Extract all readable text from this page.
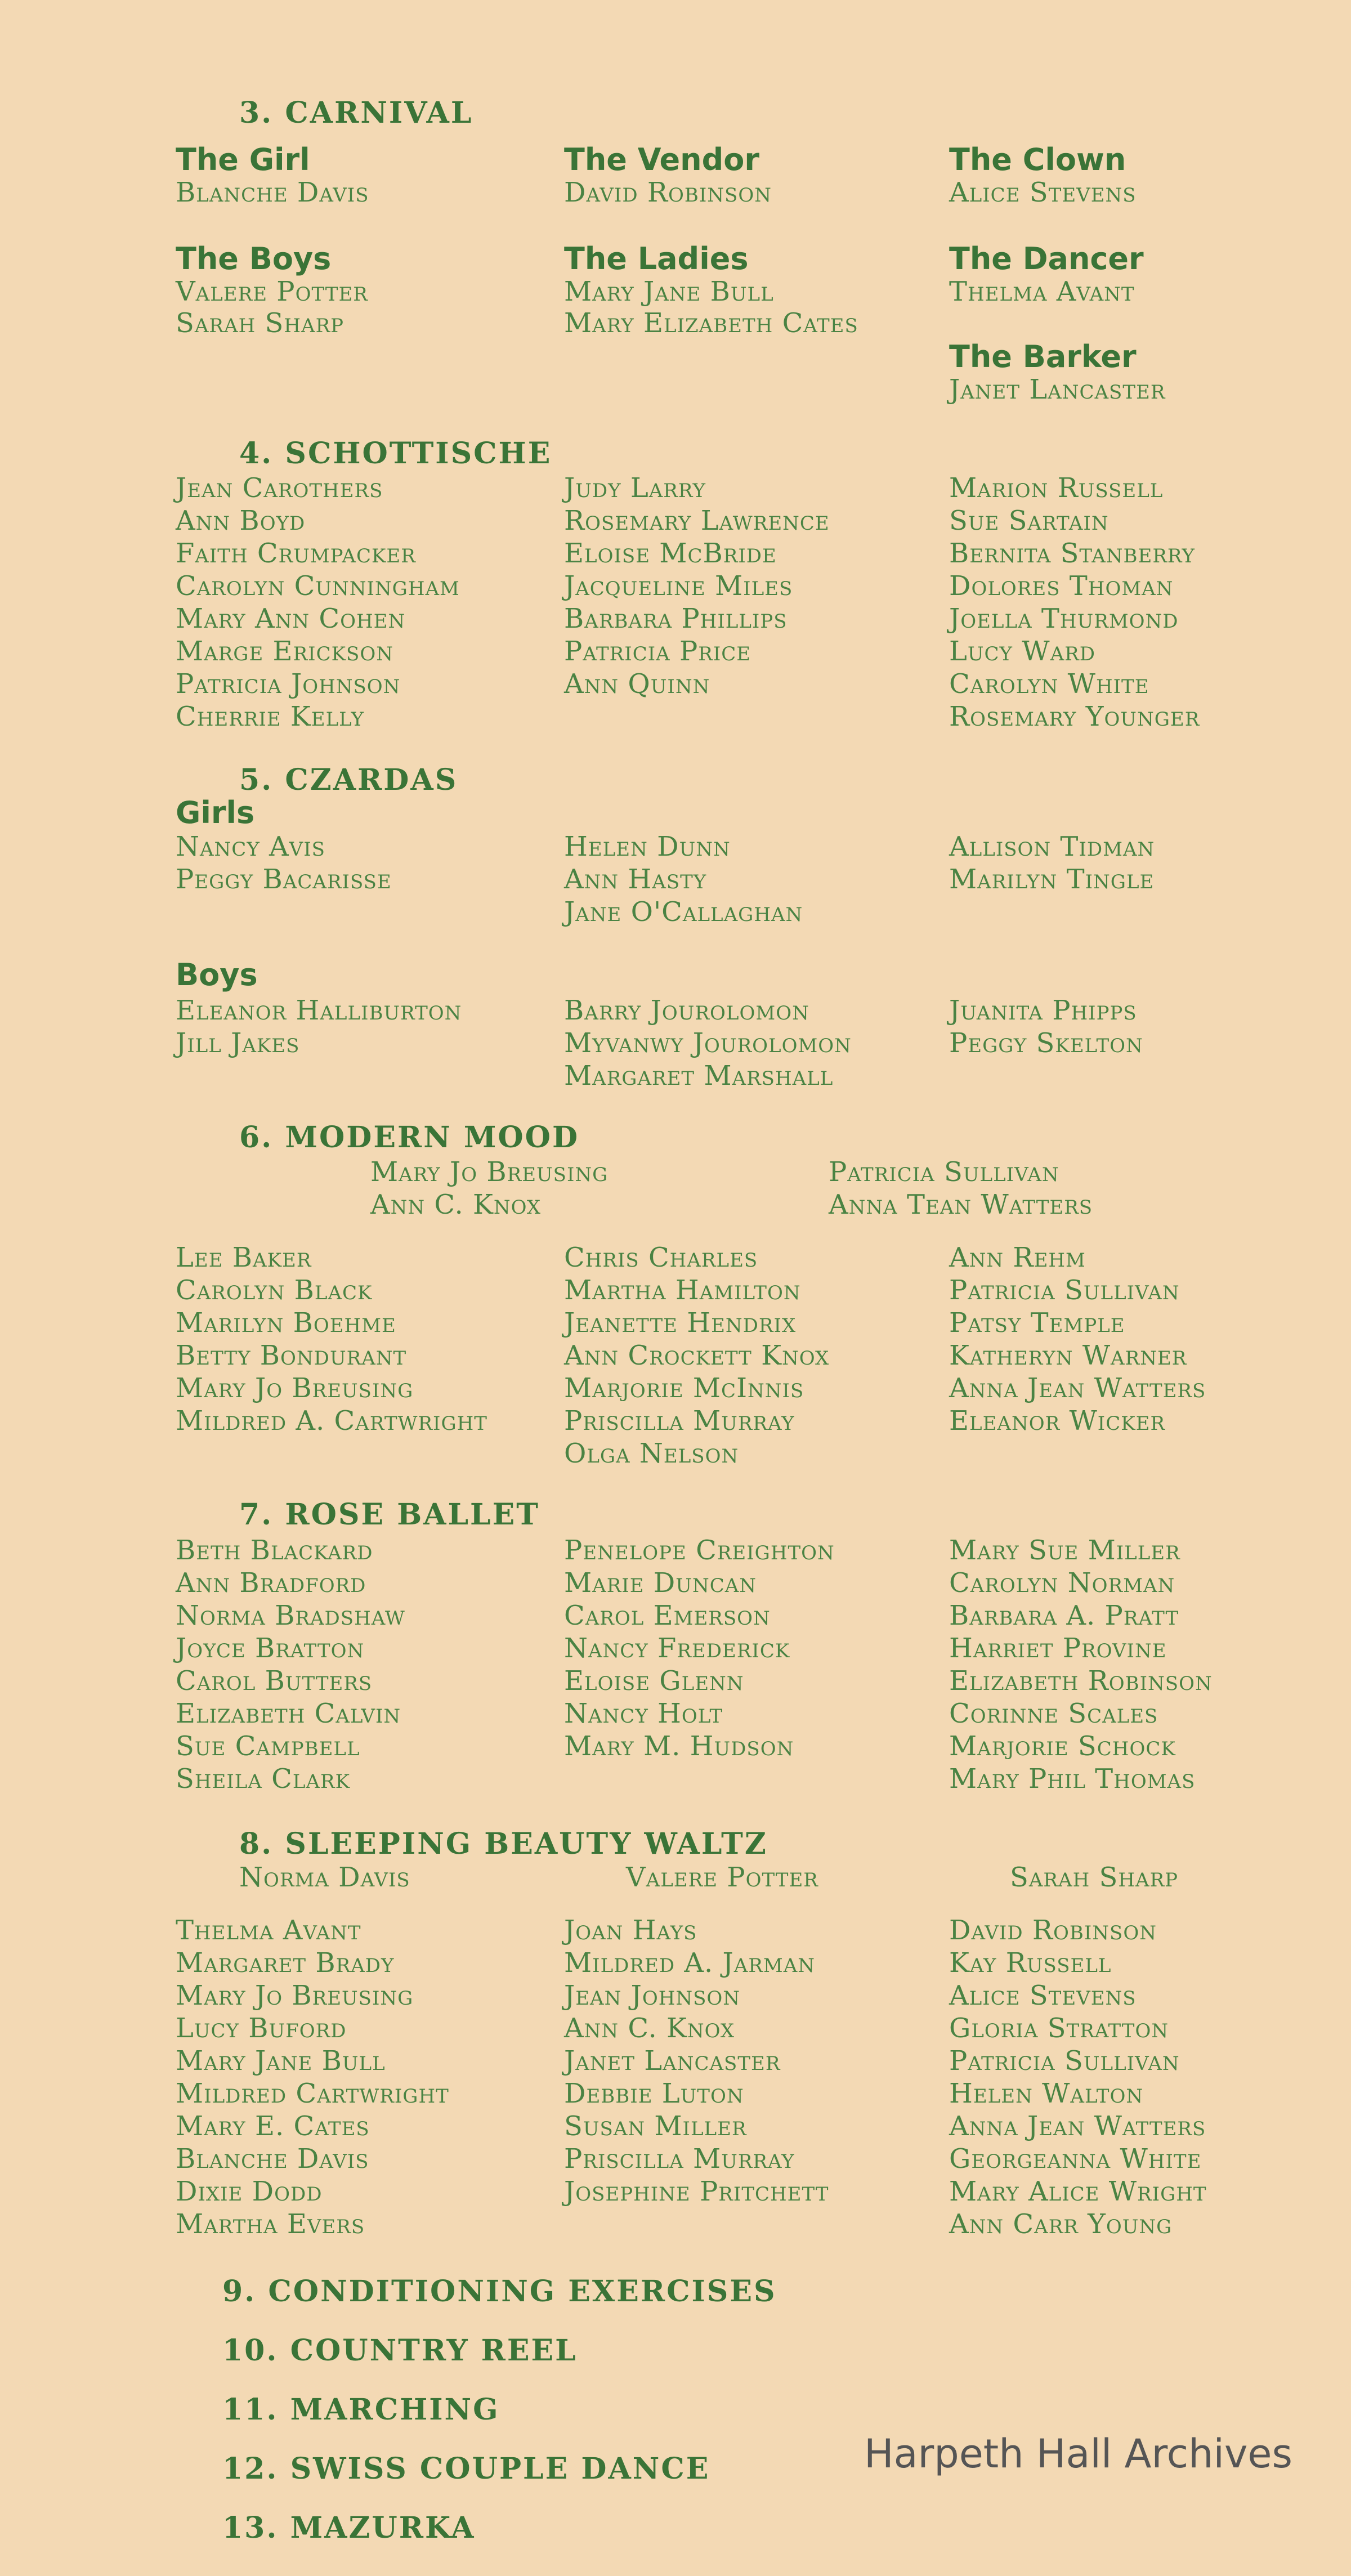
3. CARNIVAL
The Girl
Blanche Davis
The Vendor
David Robinson
The Clown
Alice Stevens
The Boys
Valere Potter
Sarah Sharp
The Ladies
Mary Jane Bull
Mary Elizabeth Cates
The Dancer
Thelma Avant
The Barker
Janet Lancaster
4. SCHOTTISCHE
Jean Carothers
Ann Boyd
Faith Crumpacker
Carolyn Cunningham
Mary Ann Cohen
Marge Erickson
Patricia Johnson
Cherrie Kelly
Judy Larry
Rosemary Lawrence
Eloise McBride
Jacqueline Miles
Barbara Phillips
Patricia Price
Ann Quinn
Marion Russell
Sue Sartain
Bernita Stanberry
Dolores Thoman
Joella Thurmond
Lucy Ward
Carolyn White
Rosemary Younger
5. CZARDAS
Girls
Nancy Avis
Peggy Bacarisse
Helen Dunn
Ann Hasty
Jane O'Callaghan
Allison Tidman
Marilyn Tingle
Boys
Eleanor Halliburton
Jill Jakes
Barry Jourolomon
Myvanwy Jourolomon
Margaret Marshall
Juanita Phipps
Peggy Skelton
6. MODERN MOOD
Mary Jo Breusing
Ann C. Knox
Patricia Sullivan
Anna Tean Watters
Lee Baker
Carolyn Black
Marilyn Boehme
Betty Bondurant
Mary Jo Breusing
Mildred A. Cartwright
Chris Charles
Martha Hamilton
Jeanette Hendrix
Ann Crockett Knox
Marjorie McInnis
Priscilla Murray
Olga Nelson
Ann Rehm
Patricia Sullivan
Patsy Temple
Katheryn Warner
Anna Jean Watters
Eleanor Wicker
7. ROSE BALLET
Beth Blackard
Ann Bradford
Norma Bradshaw
Joyce Bratton
Carol Butters
Elizabeth Calvin
Sue Campbell
Sheila Clark
Penelope Creighton
Marie Duncan
Carol Emerson
Nancy Frederick
Eloise Glenn
Nancy Holt
Mary M. Hudson
Mary Sue Miller
Carolyn Norman
Barbara A. Pratt
Harriet Provine
Elizabeth Robinson
Corinne Scales
Marjorie Schock
Mary Phil Thomas
8. SLEEPING BEAUTY WALTZ
Norma Davis	Valere Potter	Sarah Sharp
Thelma Avant
Margaret Brady
Mary Jo Breusing
Lucy Buford
Mary Jane Bull
Mildred Cartwright
Mary E. Cates
Blanche Davis
Dixie Dodd
Martha Evers
Joan Hays
Mildred A. Jarman
Jean Johnson
Ann C. Knox
Janet Lancaster
Debbie Luton
Susan Miller
Priscilla Murray
Josephine Pritchett
David Robinson
Kay Russell
Alice Stevens
Gloria Stratton
Patricia Sullivan
Helen Walton
Anna Jean Watters
Georgeanna White
Mary Alice Wright
Ann Carr Young
9. CONDITIONING EXERCISES
10. COUNTRY REEL
11. MARCHING
12. SWISS COUPLE DANCE
13. MAZURKA
Harpeth Hall Archives
